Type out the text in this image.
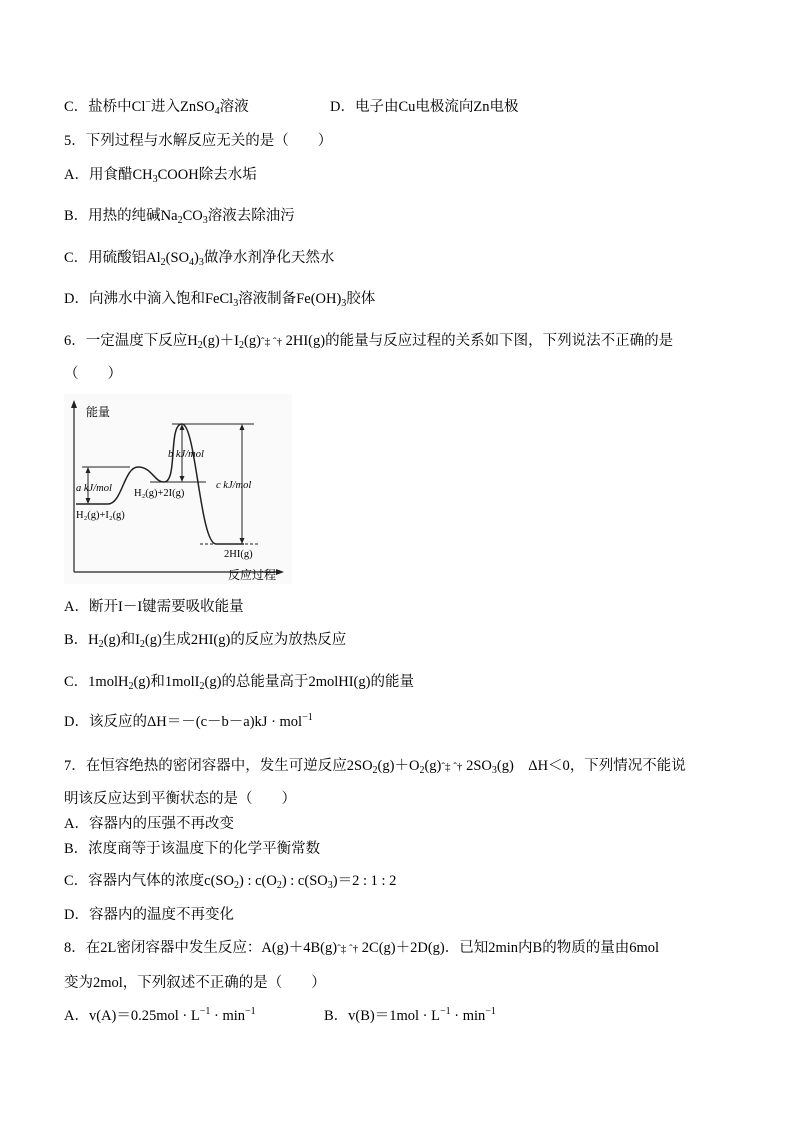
C．盐桥中Cl−进入ZnSO$_4$溶液	D．电子由Cu电极流向Zn电极
5．下列过程与水解反应无关的是（　　）
A．用食醋$CH_3COOH$除去水垢
B．用热的纯碱$Na_2CO_3$溶液去除油污
C．用硫酸铝$Al_2(SO_4)_3$做净水剂净化天然水
D．向沸水中滴入饱和FeCl$_3$溶液制备$Fe(OH)_3$胶体
6．一定温度下反应$H_2(g)+I_2(g)ˆ\ddagger$ ˆ† 2HI(g)的能量与反应过程的关系如下图，下列说法不正确的是
（　　）
能量
反应过程
a kJ/mol
b kJ/mol
c kJ/mol
H₂(g)+I₂(g)
H₂(g)+2I(g)
2HI(g)
A．断开I－I键需要吸收能量
B．$H_2(g)$和$I_2(g)$生成2HI(g)的反应为放热反应
C．1molH$_2$(g)和1molI$_2$(g)的总能量高于2molHI(g)的能量
D．该反应的ΔH＝－(c－b－a)kJ · mol$^{-1}$
7．在恒容绝热的密闭容器中，发生可逆反应$2SO_2(g)+O_2(g)ˆ\ddagger$ ˆ† $2SO_3(g)$　ΔH＜0，下列情况不能说
明该反应达到平衡状态的是（　　）
A．容器内的压强不再改变
B．浓度商等于该温度下的化学平衡常数
C．容器内气体的浓度$c(SO_2)$ : $c(O_2)$ : $c(SO_3)=2$ : 1 : 2
D．容器内的温度不再变化
8．在2L密闭容器中发生反应：A(g)＋4B(g)ˆ‡ ˆ† 2C(g)＋2D(g)．已知2min内B的物质的量由6mol
变为2mol，下列叙述不正确的是（　　）
A．$v(A)=0.25mol \cdot L^{-1} \cdot \min^{-1}$	B．$v(B)=1mol \cdot L^{-1} \cdot \min^{-1}$
